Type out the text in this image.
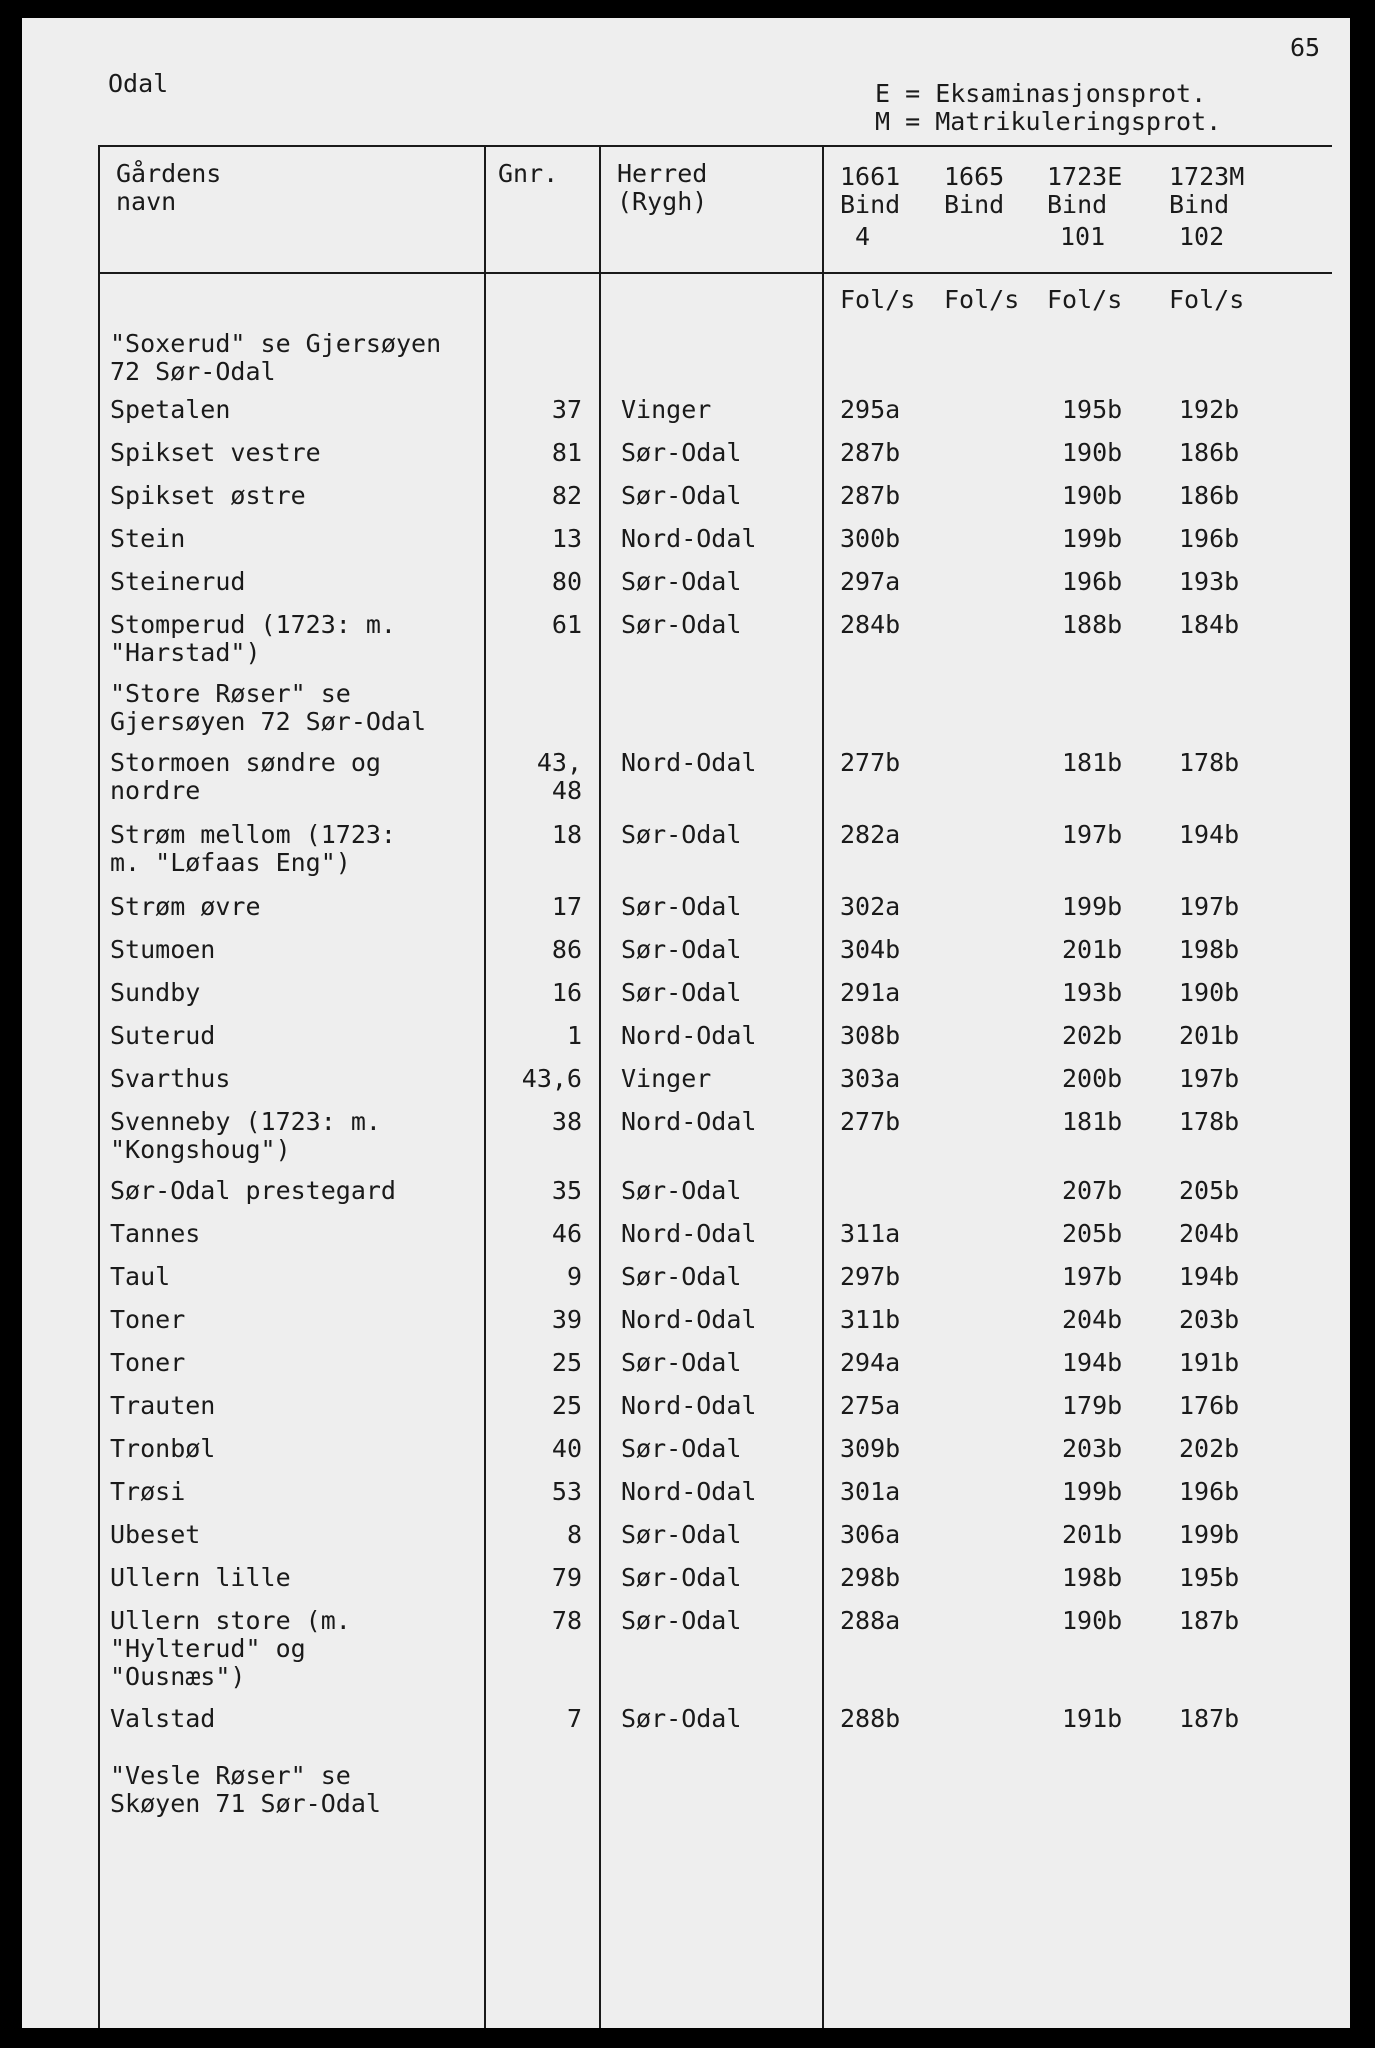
65
Odal	E = Eksaminasjonsprot.
M = Matrikuleringsprot.
Gårdens
navn
Gnr. Herred
(Rygh)
1661
Bind
4
1665
Bind
1723E
Bind
101
1723M
Bind
102
Fol/s Fol/s Fol/s Fol/s
"Soxerud" se Gjersøyen
72 Sør-Odal
Spetalen	37 Vinger	295a	195b 192b
Spikset vestre	81 Sør-Odal	287b	190b 186b
Spikset østre	82 Sør-Odal	287b	190b 186b
Stein	13 Nord-Odal	300b	199b 196b
Steinerud	80 Sør-Odal	297a	196b 193b
Stomperud (1723: m.
"Harstad")
61 Sør-Odal	284b	188b 184b
"Store Røser" se
Gjersøyen 72 Sør-Odal
Stormoen søndre og
nordre
43,
48
Nord-Odal	277b	181b 178b
Strøm mellom (1723:
m. "Løfaas Eng")
18 Sør-Odal	282a	197b 194b
Strøm øvre	17 Sør-Odal	302a	199b 197b
Stumoen	86 Sør-Odal	304b	201b 198b
Sundby	16 Sør-Odal	291a	193b 190b
Suterud	1 Nord-Odal	308b	202b 201b
Svarthus	43,6 Vinger	303a	200b 197b
Svenneby (1723: m.
"Kongshoug")
38 Nord-Odal	277b	181b 178b
Sør-Odal prestegard	35 Sør-Odal	207b 205b
Tannes	46 Nord-Odal	311a	205b 204b
Taul	9 Sør-Odal	297b	197b 194b
Toner	39 Nord-Odal	311b	204b 203b
Toner	25 Sør-Odal	294a	194b 191b
Trauten	25 Nord-Odal	275a	179b 176b
Tronbøl	40 Sør-Odal	309b	203b 202b
Trøsi	53 Nord-Odal	301a	199b 196b
Ubeset	8 Sør-Odal	306a	201b 199b
Ullern lille	79 Sør-Odal	298b	198b 195b
Ullern store (m.
"Hylterud" og
"Ousnæs")
78 Sør-Odal	288a	190b 187b
Valstad	7 Sør-Odal	288b	191b 187b
"Vesle Røser" se
Skøyen 71 Sør-Odal
